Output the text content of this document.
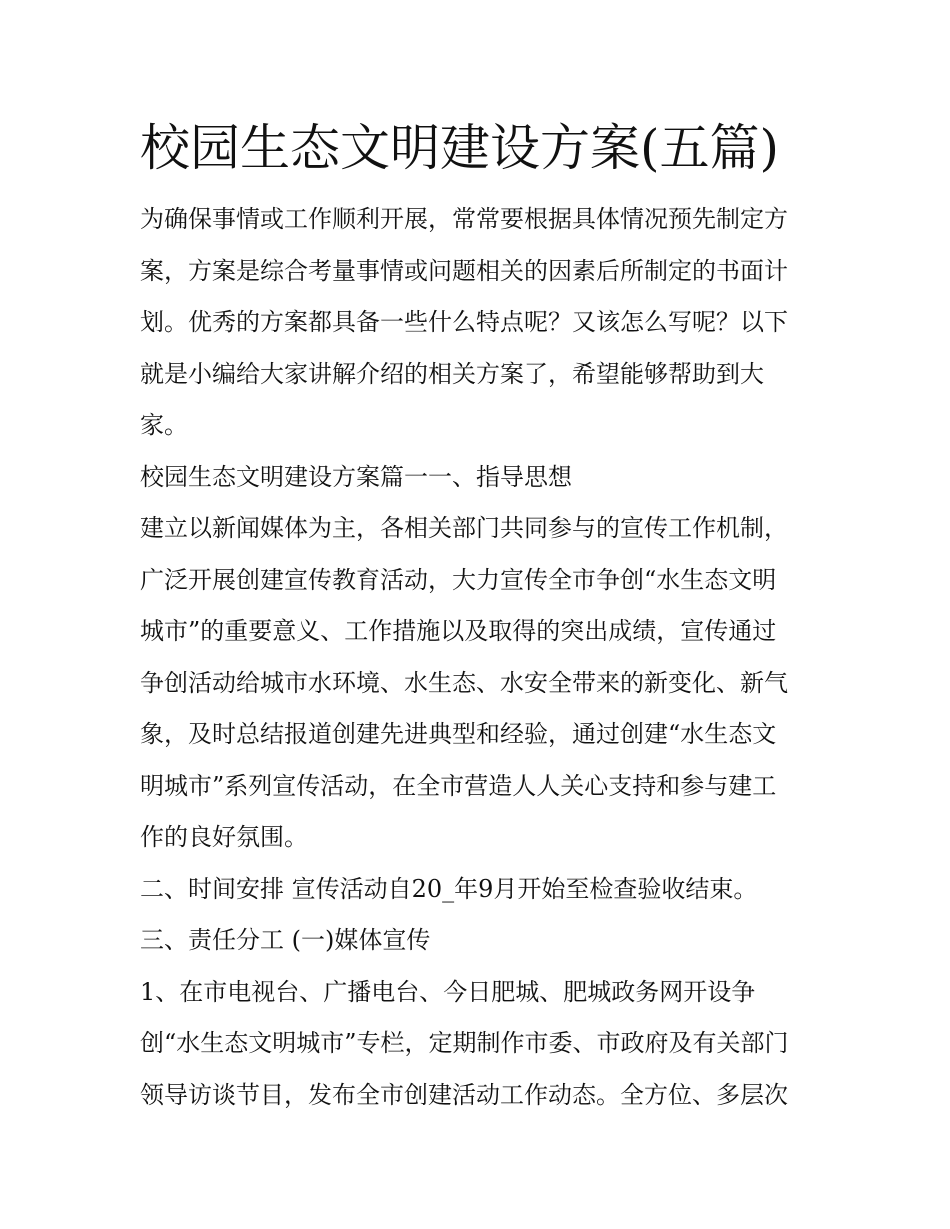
校园生态文明建设方案(五篇)

为确保事情或工作顺利开展，常常要根据具体情况预先制定方

案，方案是综合考量事情或问题相关的因素后所制定的书面计

划。优秀的方案都具备一些什么特点呢？又该怎么写呢？以下

就是小编给大家讲解介绍的相关方案了，希望能够帮助到大

家。

校园生态文明建设方案篇一一、指导思想

建立以新闻媒体为主，各相关部门共同参与的宣传工作机制，

广泛开展创建宣传教育活动，大力宣传全市争创“水生态文明

城市”的重要意义、工作措施以及取得的突出成绩，宣传通过

争创活动给城市水环境、水生态、水安全带来的新变化、新气

象，及时总结报道创建先进典型和经验，通过创建“水生态文

明城市”系列宣传活动，在全市营造人人关心支持和参与建工

作的良好氛围。

二、时间安排 宣传活动自20_年9月开始至检查验收结束。

三、责任分工 (一)媒体宣传

1、在市电视台、广播电台、今日肥城、肥城政务网开设争

创“水生态文明城市”专栏，定期制作市委、市政府及有关部门

领导访谈节目，发布全市创建活动工作动态。全方位、多层次
